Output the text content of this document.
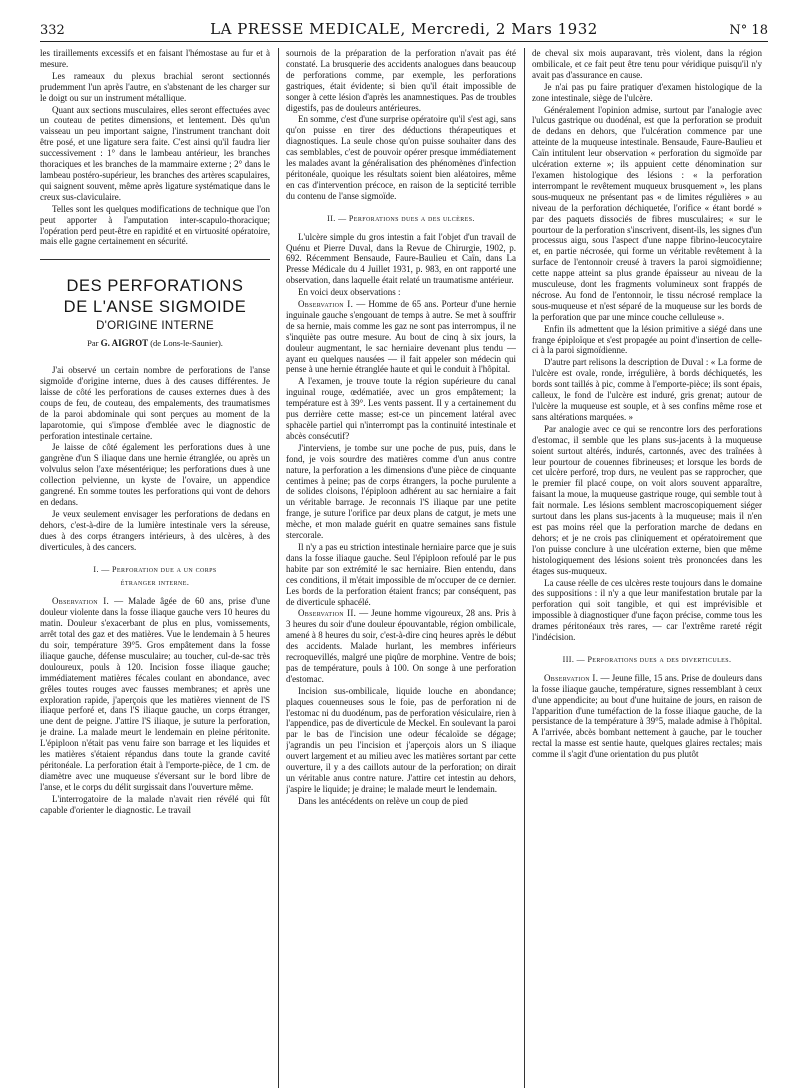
332	LA PRESSE MEDICALE, Mercredi, 2 Mars 1932	N° 18

les tiraillements excessifs et en faisant l'hémostase au fur et à mesure.

Les rameaux du plexus brachial seront sectionnés prudemment l'un après l'autre, en s'abstenant de les charger sur le doigt ou sur un instrument métallique.

Quant aux sections musculaires, elles seront effectuées avec un couteau de petites dimensions, et lentement. Dès qu'un vaisseau un peu important saigne, l'instrument tranchant doit être posé, et une ligature sera faite. C'est ainsi qu'il faudra lier successivement : 1° dans le lambeau antérieur, les branches thoraciques et les branches de la mammaire externe ; 2° dans le lambeau postéro-supérieur, les branches des artères scapulaires, qui saignent souvent, même après ligature systématique dans le creux sus-claviculaire.

Telles sont les quelques modifications de technique que l'on peut apporter à l'amputation inter-scapulo-thoracique; l'opération perd peut-être en rapidité et en virtuosité opératoire, mais elle gagne certainement en sécurité.

DES PERFORATIONS
DE L'ANSE SIGMOIDE
D'ORIGINE INTERNE
Par G. AIGROT (de Lons-le-Saunier).

J'ai observé un certain nombre de perforations de l'anse sigmoïde d'origine interne, dues à des causes différentes. Je laisse de côté les perforations de causes externes dues à des coups de feu, de couteau, des empalements, des traumatismes de la paroi abdominale qui sont perçues au moment de la laparotomie, qui s'impose d'emblée avec le diagnostic de perforation intestinale certaine.

Je laisse de côté également les perforations dues à une gangrène d'un S iliaque dans une hernie étranglée, ou après un volvulus selon l'axe mésentérique; les perforations dues à une collection pelvienne, un kyste de l'ovaire, un appendice gangrené. En somme toutes les perforations qui vont de dehors en dedans.

Je veux seulement envisager les perforations de dedans en dehors, c'est-à-dire de la lumière intestinale vers la séreuse, dues à des corps étrangers intérieurs, à des ulcères, à des diverticules, à des cancers.

I. — Perforation due a un corps
étranger interne.

Observation I. — Malade âgée de 60 ans, prise d'une douleur violente dans la fosse iliaque gauche vers 10 heures du matin. Douleur s'exacerbant de plus en plus, vomissements, arrêt total des gaz et des matières. Vue le lendemain à 5 heures du soir, température 39°5. Gros empâtement dans la fosse iliaque gauche, défense musculaire; au toucher, cul-de-sac très douloureux, pouls à 120. Incision fosse iliaque gauche; immédiatement matières fécales coulant en abondance, avec grêles toutes rouges avec fausses membranes; et après une exploration rapide, j'aperçois que les matières viennent de l'S iliaque perforé et, dans l'S iliaque gauche, un corps étranger, une dent de peigne. J'attire l'S iliaque, je suture la perforation, je draine. La malade meurt le lendemain en pleine péritonite. L'épiploon n'était pas venu faire son barrage et les liquides et les matières s'étaient répandus dans toute la grande cavité péritonéale. La perforation était à l'emporte-pièce, de 1 cm. de diamètre avec une muqueuse s'éversant sur le bord libre de l'anse, et le corps du délit surgissait dans l'ouverture même.

L'interrogatoire de la malade n'avait rien révélé qui fût capable d'orienter le diagnostic. Le travail

sournois de la préparation de la perforation n'avait pas été constaté. La brusquerie des accidents analogues dans beaucoup de perforations comme, par exemple, les perforations gastriques, était évidente; si bien qu'il était impossible de songer à cette lésion d'après les anamnestiques. Pas de troubles digestifs, pas de douleurs antérieures.

En somme, c'est d'une surprise opératoire qu'il s'est agi, sans qu'on puisse en tirer des déductions thérapeutiques et diagnostiques. La seule chose qu'on puisse souhaiter dans des cas semblables, c'est de pouvoir opérer presque immédiatement les malades avant la généralisation des phénomènes d'infection péritonéale, quoique les résultats soient bien aléatoires, même en cas d'intervention précoce, en raison de la septicité terrible du contenu de l'anse sigmoïde.

II. — Perforations dues a des ulcères.

L'ulcère simple du gros intestin a fait l'objet d'un travail de Quénu et Pierre Duval, dans la Revue de Chirurgie, 1902, p. 692. Récemment Bensaude, Faure-Baulieu et Caïn, dans La Presse Médicale du 4 Juillet 1931, p. 983, en ont rapporté une observation, dans laquelle était relaté un traumatisme antérieur.

En voici deux observations :

Observation I. — Homme de 65 ans. Porteur d'une hernie inguinale gauche s'engouant de temps à autre. Se met à souffrir de sa hernie, mais comme les gaz ne sont pas interrompus, il ne s'inquiète pas outre mesure. Au bout de cinq à six jours, la douleur augmentant, le sac herniaire devenant plus tendu — ayant eu quelques nausées — il fait appeler son médecin qui pense à une hernie étranglée haute et qui le conduit à l'hôpital.

A l'examen, je trouve toute la région supérieure du canal inguinal rouge, œdématiée, avec un gros empâtement; la température est à 39°. Les vents passent. Il y a certainement du pus derrière cette masse; est-ce un pincement latéral avec sphacèle partiel qui n'interrompt pas la continuité intestinale et abcès consécutif?

J'interviens, je tombe sur une poche de pus, puis, dans le fond, je vois sourdre des matières comme d'un anus contre nature, la perforation a les dimensions d'une pièce de cinquante centimes à peine; pas de corps étrangers, la poche purulente a de solides cloisons, l'épiploon adhérent au sac herniaire a fait un véritable barrage. Je reconnais l'S iliaque par une petite frange, je suture l'orifice par deux plans de catgut, je mets une mèche, et mon malade guérit en quatre semaines sans fistule stercorale.

Il n'y a pas eu striction intestinale herniaire parce que je suis dans la fosse iliaque gauche. Seul l'épiploon refoulé par le pus habite par son extrémité le sac herniaire. Bien entendu, dans ces conditions, il m'était impossible de m'occuper de ce dernier. Les bords de la perforation étaient francs; par conséquent, pas de diverticule sphacélé.

Observation II. — Jeune homme vigoureux, 28 ans. Pris à 3 heures du soir d'une douleur épouvantable, région ombilicale, amené à 8 heures du soir, c'est-à-dire cinq heures après le début des accidents. Malade hurlant, les membres inférieurs recroquevillés, malgré une piqûre de morphine. Ventre de bois; pas de température, pouls à 100. On songe à une perforation d'estomac.

Incision sus-ombilicale, liquide louche en abondance; plaques couenneuses sous le foie, pas de perforation ni de l'estomac ni du duodénum, pas de perforation vésiculaire, rien à l'appendice, pas de diverticule de Meckel. En soulevant la paroi par le bas de l'incision une odeur fécaloïde se dégage; j'agrandis un peu l'incision et j'aperçois alors un S iliaque ouvert largement et au milieu avec les matières sortant par cette ouverture, il y a des caillots autour de la perforation; on dirait un véritable anus contre nature. J'attire cet intestin au dehors, j'aspire le liquide; je draine; le malade meurt le lendemain.

Dans les antécédents on relève un coup de pied

de cheval six mois auparavant, très violent, dans la région ombilicale, et ce fait peut être tenu pour véridique puisqu'il n'y avait pas d'assurance en cause.

Je n'ai pas pu faire pratiquer d'examen histologique de la zone intestinale, siège de l'ulcère.

Généralement l'opinion admise, surtout par l'analogie avec l'ulcus gastrique ou duodénal, est que la perforation se produit de dedans en dehors, que l'ulcération commence par une atteinte de la muqueuse intestinale. Bensaude, Faure-Baulieu et Caïn intitulent leur observation « perforation du sigmoïde par ulcération externe »; ils appuient cette dénomination sur l'examen histologique des lésions : « la perforation interrompant le revêtement muqueux brusquement », les plans sous-muqueux ne présentant pas « de limites régulières » au niveau de la perforation déchiquetée, l'orifice « étant bordé » par des paquets dissociés de fibres musculaires; « sur le pourtour de la perforation s'inscrivent, disent-ils, les signes d'un processus aigu, sous l'aspect d'une nappe fibrino-leucocytaire et, en partie nécrosée, qui forme un véritable revêtement à la surface de l'entonnoir creusé à travers la paroi sigmoïdienne; cette nappe atteint sa plus grande épaisseur au niveau de la musculeuse, dont les fragments volumineux sont frappés de nécrose. Au fond de l'entonnoir, le tissu nécrosé remplace la sous-muqueuse et n'est séparé de la muqueuse sur les bords de la perforation que par une mince couche celluleuse ».

Enfin ils admettent que la lésion primitive a siégé dans une frange épiploïque et s'est propagée au point d'insertion de celle-ci à la paroi sigmoïdienne.

D'autre part relisons la description de Duval : « La forme de l'ulcère est ovale, ronde, irrégulière, à bords déchiquetés, les bords sont taillés à pic, comme à l'emporte-pièce; ils sont épais, calleux, le fond de l'ulcère est induré, gris grenat; autour de l'ulcère la muqueuse est souple, et à ses confins même rose et sans altérations marquées. »

Par analogie avec ce qui se rencontre lors des perforations d'estomac, il semble que les plans sus-jacents à la muqueuse soient surtout altérés, indurés, cartonnés, avec des traînées à leur pourtour de couennes fibrineuses; et lorsque les bords de cet ulcère perforé, trop durs, ne veulent pas se rapprocher, que le premier fil placé coupe, on voit alors souvent apparaître, faisant la moue, la muqueuse gastrique rouge, qui semble tout à fait normale. Les lésions semblent macroscopiquement siéger surtout dans les plans sus-jacents à la muqueuse; mais il n'en est pas moins réel que la perforation marche de dedans en dehors; et je ne crois pas cliniquement et opératoirement que l'on puisse conclure à une ulcération externe, bien que même histologiquement des lésions soient très prononcées dans les étages sus-muqueux.

La cause réelle de ces ulcères reste toujours dans le domaine des suppositions : il n'y a que leur manifestation brutale par la perforation qui soit tangible, et qui est imprévisible et impossible à diagnostiquer d'une façon précise, comme tous les drames péritonéaux très rares, — car l'extrême rareté régit l'indécision.

III. — Perforations dues a des diverticules.

Observation I. — Jeune fille, 15 ans. Prise de douleurs dans la fosse iliaque gauche, température, signes ressemblant à ceux d'une appendicite; au bout d'une huitaine de jours, en raison de l'apparition d'une tuméfaction de la fosse iliaque gauche, de la persistance de la température à 39°5, malade admise à l'hôpital. A l'arrivée, abcès bombant nettement à gauche, par le toucher rectal la masse est sentie haute, quelques glaires rectales; mais comme il s'agit d'une orientation du pus plutôt
